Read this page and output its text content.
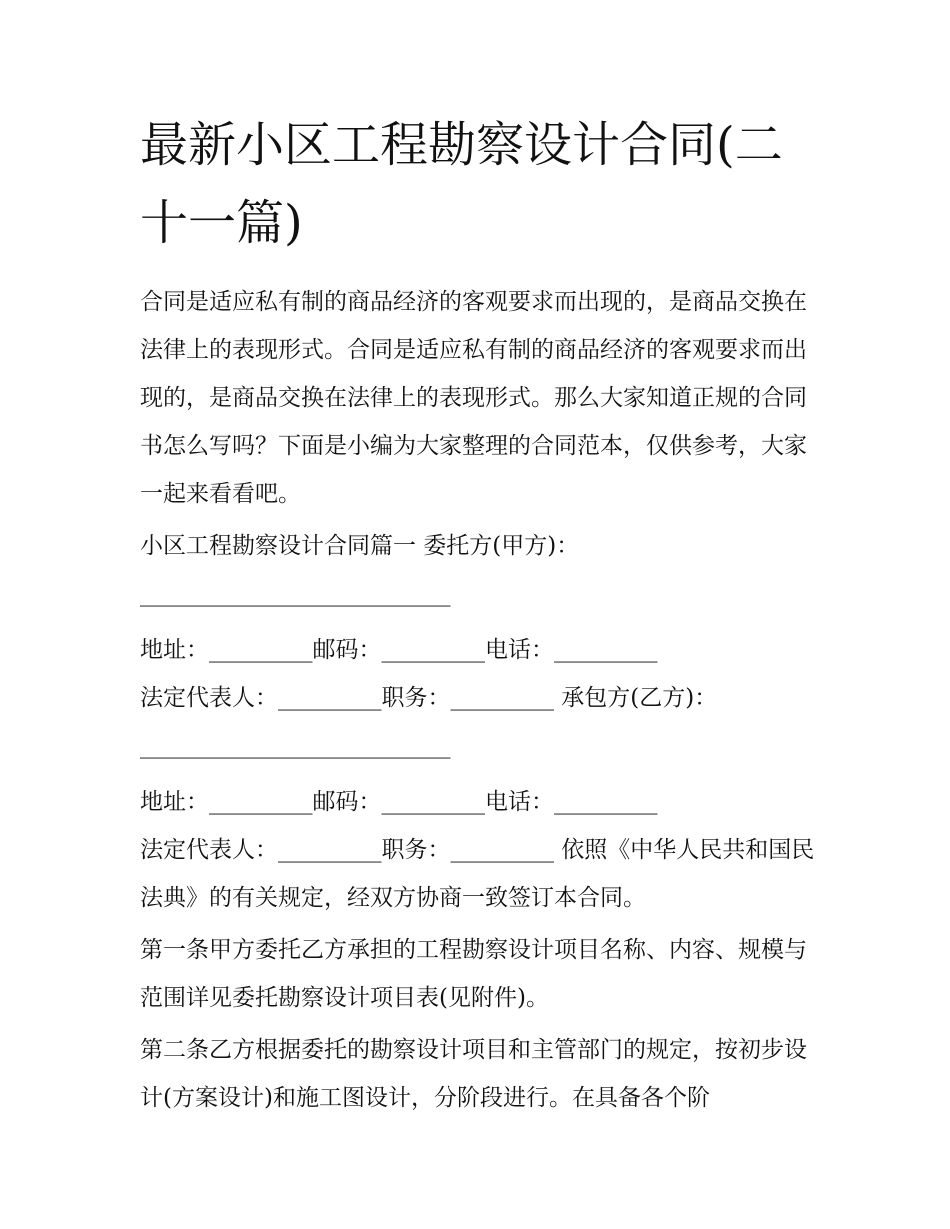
最新小区工程勘察设计合同(二十一篇)

合同是适应私有制的商品经济的客观要求而出现的，是商品交换在法律上的表现形式。合同是适应私有制的商品经济的客观要求而出现的，是商品交换在法律上的表现形式。那么大家知道正规的合同书怎么写吗？下面是小编为大家整理的合同范本，仅供参考，大家一起来看看吧。

小区工程勘察设计合同篇一 委托方(甲方)：

___________________________

地址：_________邮码：_________电话：_________

法定代表人：_________职务：_________ 承包方(乙方)：

___________________________

地址：_________邮码：_________电话：_________

法定代表人：_________职务：_________ 依照《中华人民共和国民法典》的有关规定，经双方协商一致签订本合同。

第一条甲方委托乙方承担的工程勘察设计项目名称、内容、规模与范围详见委托勘察设计项目表(见附件)。

第二条乙方根据委托的勘察设计项目和主管部门的规定，按初步设计(方案设计)和施工图设计，分阶段进行。在具备各个阶
